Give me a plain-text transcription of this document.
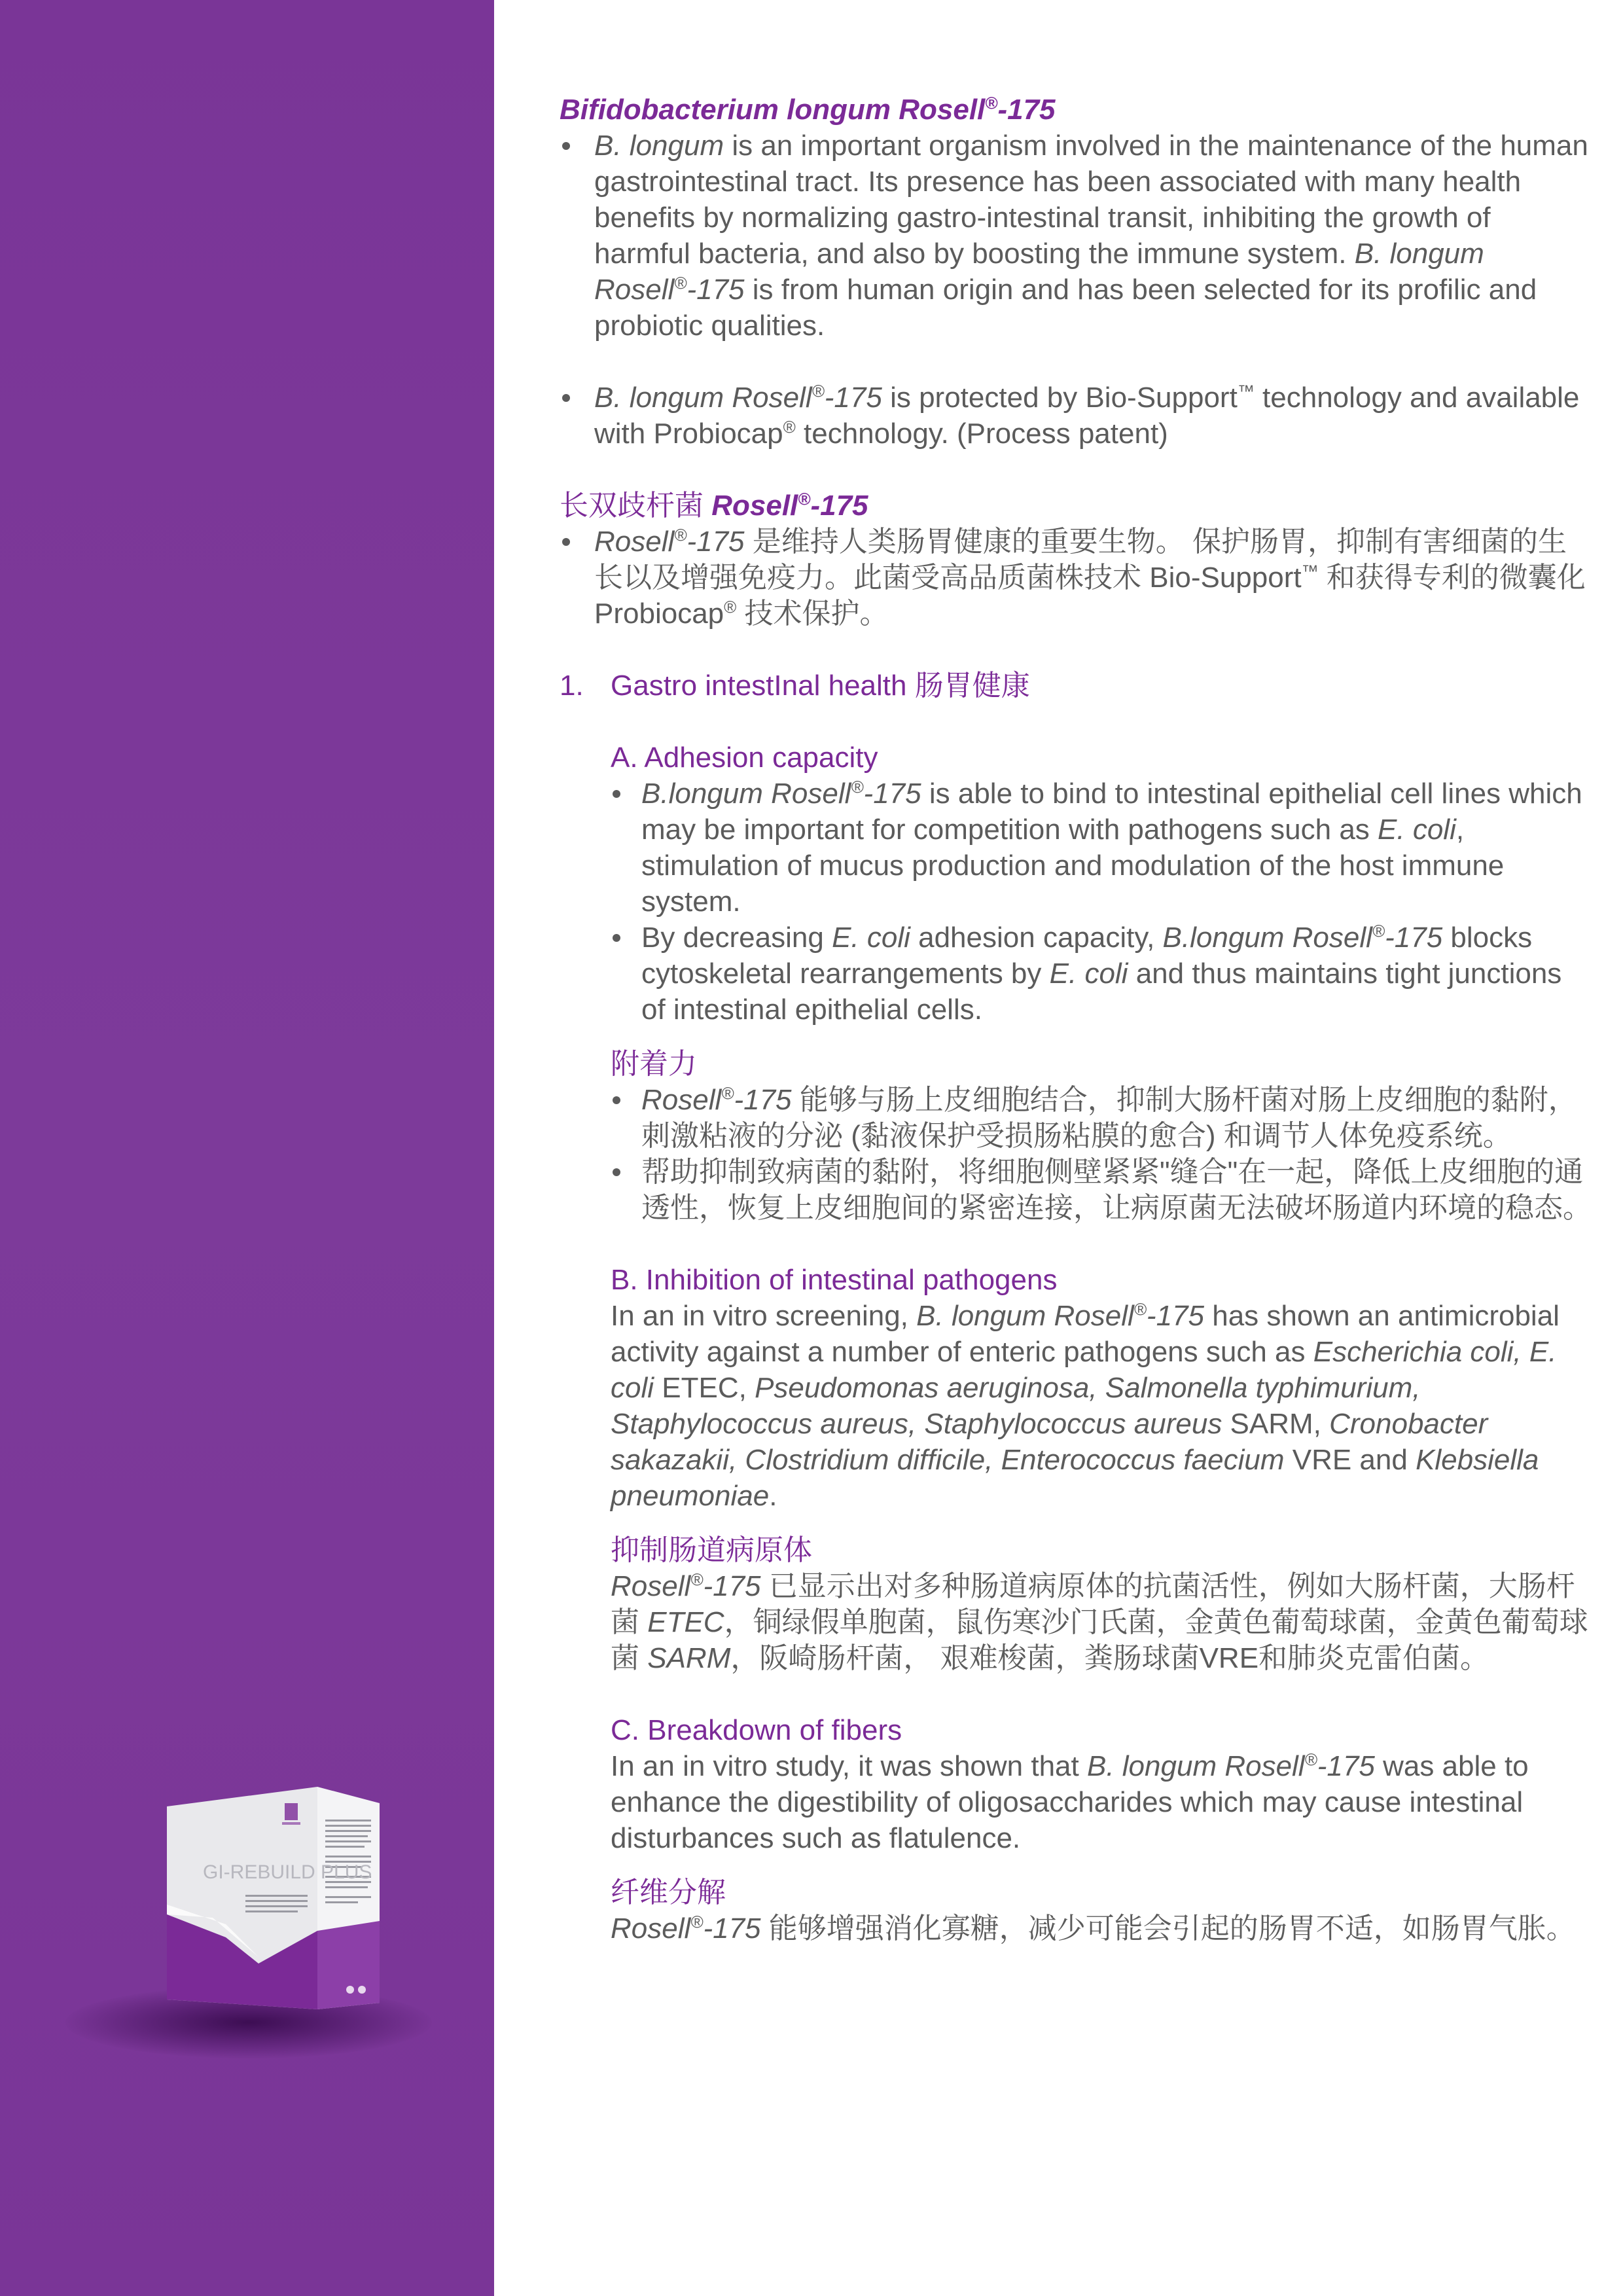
GI-REBUILD PLUS
Bifidobacterium longum Rosell®-175
B. longum is an important organism involved in the maintenance of the human gastrointestinal tract. Its presence has been associated with many health benefits by normalizing gastro-intestinal transit, inhibiting the growth of harmful bacteria, and also by boosting the immune system. B. longum Rosell®-175 is from human origin and has been selected for its profilic and probiotic qualities.
B. longum Rosell®-175 is protected by Bio-Support™ technology and available with Probiocap® technology. (Process patent)
长双歧杆菌 Rosell®-175
Rosell®-175 是维持人类肠胃健康的重要生物。 保护肠胃，抑制有害细菌的生长以及增强免疫力。此菌受高品质菌株技术 Bio-Support™ 和获得专利的微囊化 Probiocap® 技术保护。
1. Gastro intestInal health 肠胃健康
A. Adhesion capacity
B.longum Rosell®-175 is able to bind to intestinal epithelial cell lines which may be important for competition with pathogens such as E. coli, stimulation of mucus production and modulation of the host immune system.
By decreasing E. coli adhesion capacity, B.longum Rosell®-175 blocks cytoskeletal rearrangements by E. coli and thus maintains tight junctions of intestinal epithelial cells.
附着力
Rosell®-175 能够与肠上皮细胞结合，抑制大肠杆菌对肠上皮细胞的黏附，刺激粘液的分泌 (黏液保护受损肠粘膜的愈合) 和调节人体免疫系统。
帮助抑制致病菌的黏附，将细胞侧壁紧紧"缝合"在一起，降低上皮细胞的通透性，恢复上皮细胞间的紧密连接，让病原菌无法破坏肠道内环境的稳态。
B. Inhibition of intestinal pathogens

In an in vitro screening, B. longum Rosell®-175 has shown an antimicrobial activity against a number of enteric pathogens such as Escherichia coli, E. coli ETEC, Pseudomonas aeruginosa, Salmonella typhimurium, Staphylococcus aureus, Staphylococcus aureus SARM, Cronobacter sakazakii, Clostridium difficile, Enterococcus faecium VRE and Klebsiella pneumoniae.

抑制肠道病原体

Rosell®-175 已显示出对多种肠道病原体的抗菌活性，例如大肠杆菌，大肠杆菌 ETEC，铜绿假单胞菌，鼠伤寒沙门氏菌，金黄色葡萄球菌，金黄色葡萄球菌 SARM，阪崎肠杆菌， 艰难梭菌，粪肠球菌VRE和肺炎克雷伯菌。

C. Breakdown of fibers

In an in vitro study, it was shown that B. longum Rosell®-175 was able to enhance the digestibility of oligosaccharides which may cause intestinal disturbances such as flatulence.

纤维分解

Rosell®-175 能够增强消化寡糖，减少可能会引起的肠胃不适，如肠胃气胀。
